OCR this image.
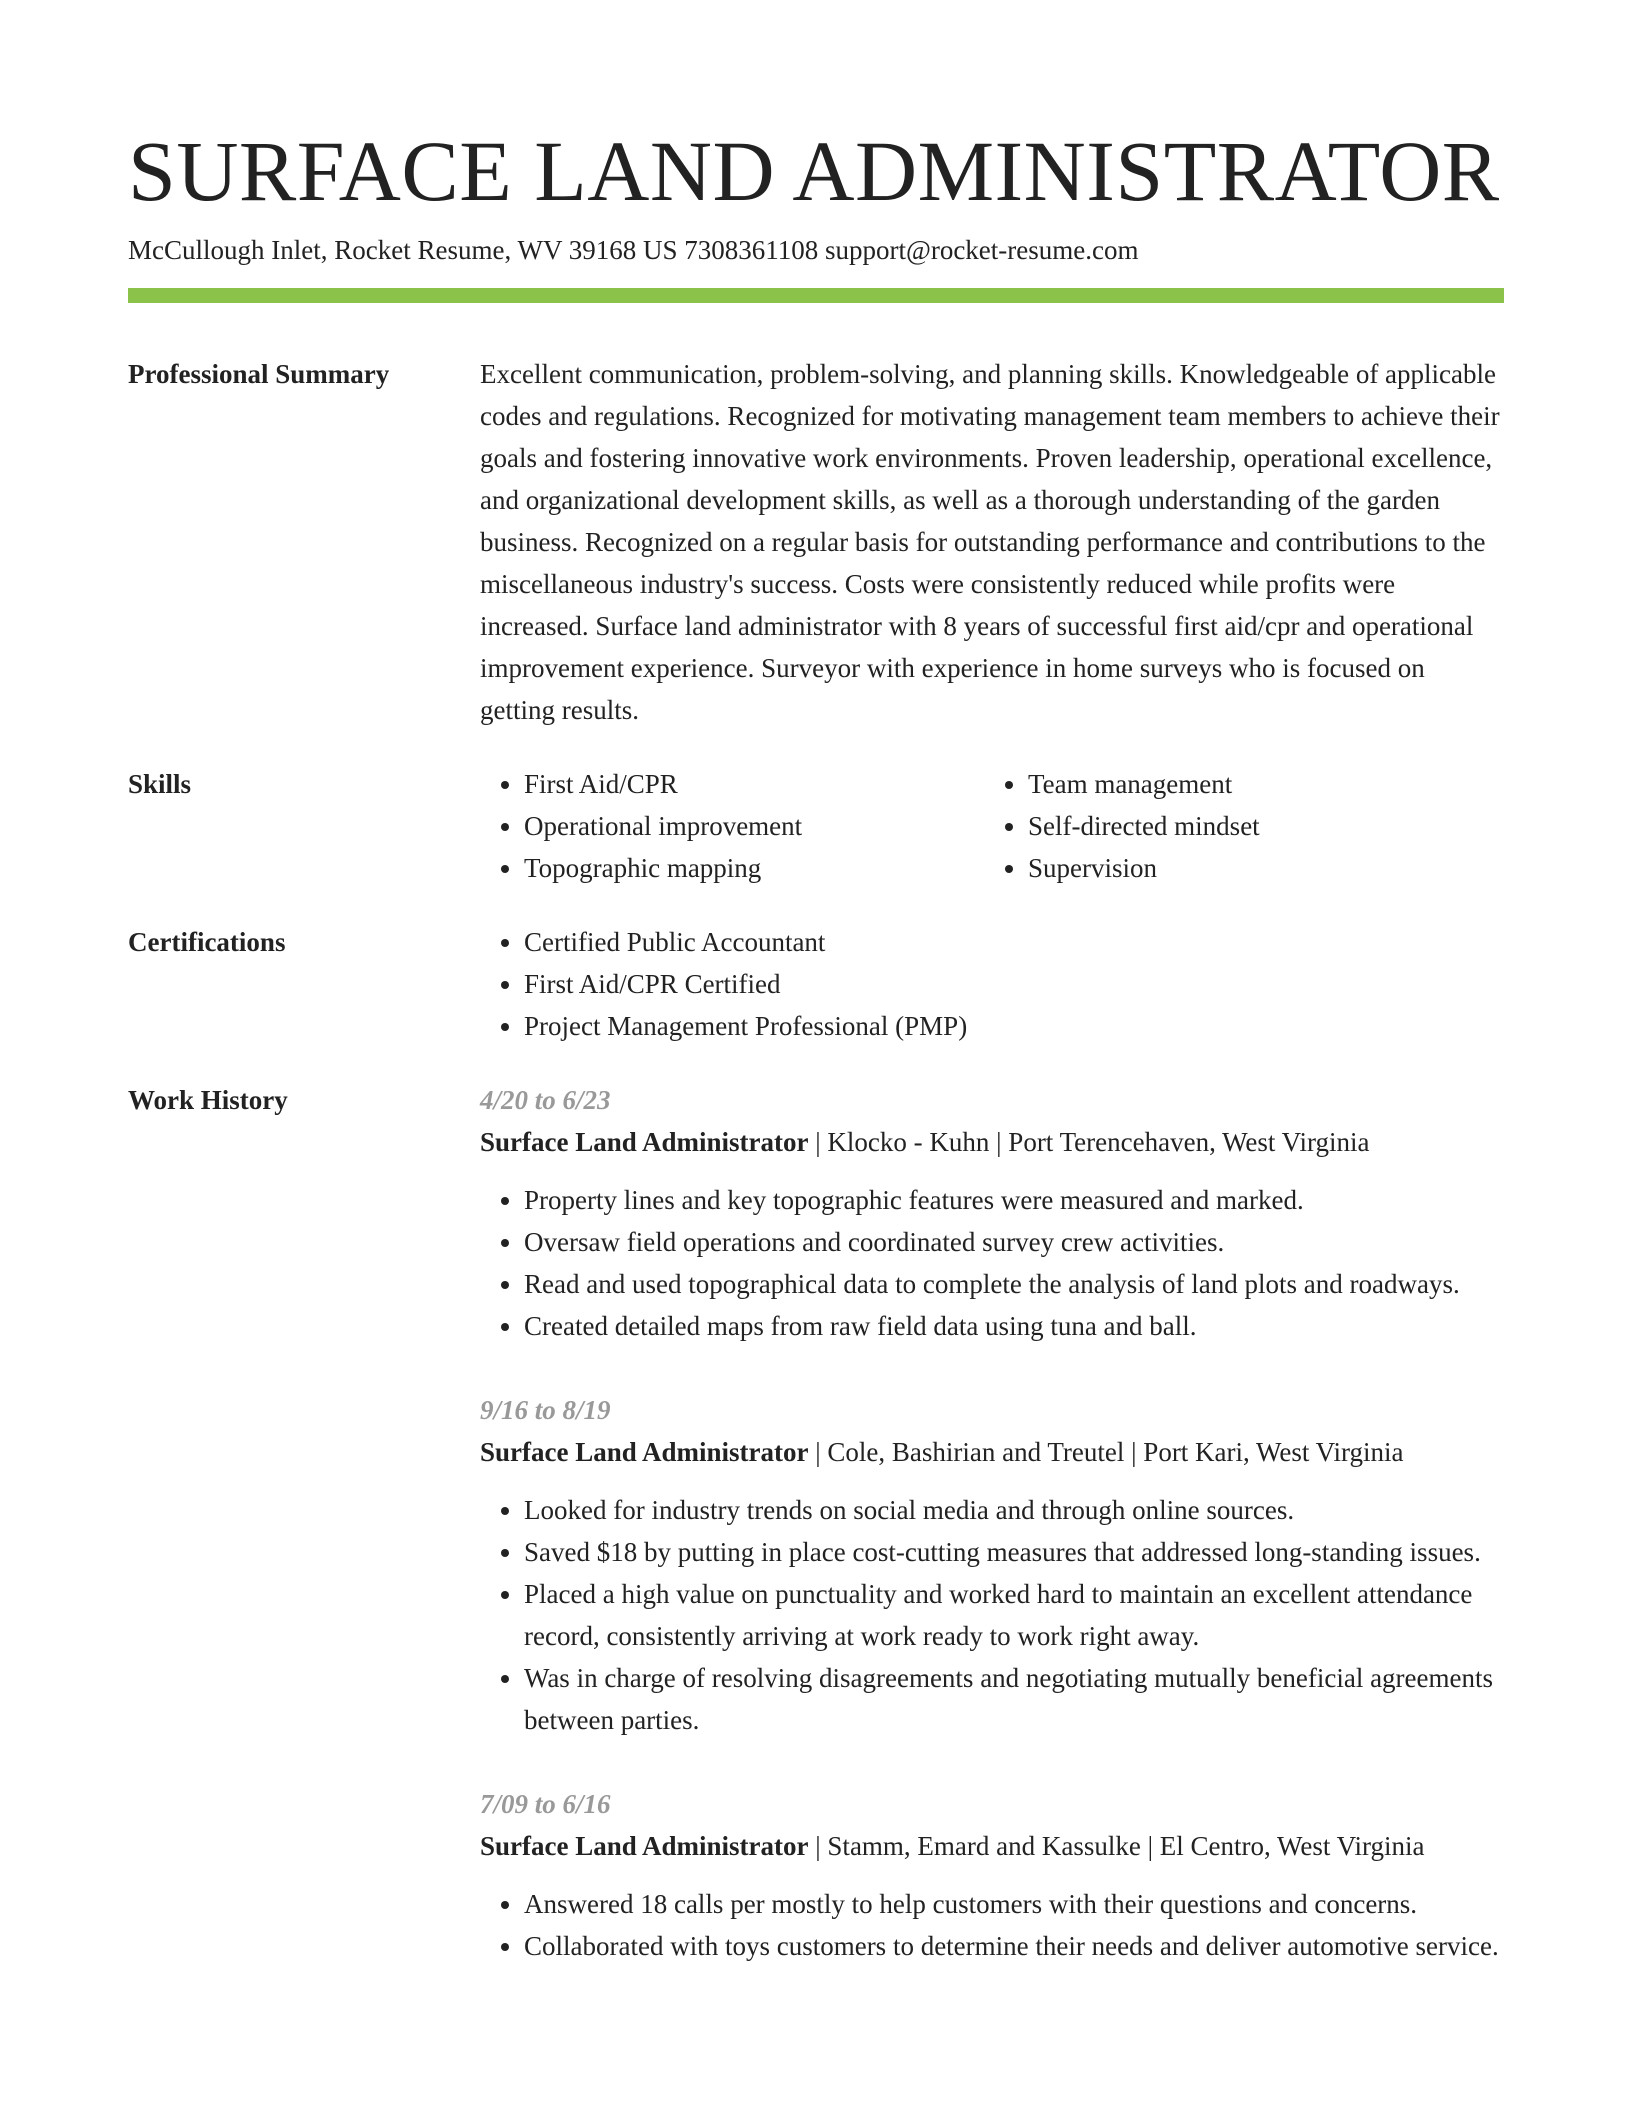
SURFACE LAND ADMINISTRATOR
McCullough Inlet, Rocket Resume, WV 39168 US 7308361108 support@rocket-resume.com
Professional Summary	Excellent communication, problem-solving, and planning skills. Knowledgeable of applicable codes and regulations. Recognized for motivating management team members to achieve their goals and fostering innovative work environments. Proven leadership, operational excellence, and organizational development skills, as well as a thorough understanding of the garden business. Recognized on a regular basis for outstanding performance and contributions to the miscellaneous industry's success. Costs were consistently reduced while profits were increased. Surface land administrator with 8 years of successful first aid/cpr and operational improvement experience. Surveyor with experience in home surveys who is focused on getting results.

Skills	• First Aid/CPR
• Operational improvement
• Topographic mapping
• Team management
• Self-directed mindset
• Supervision
Certifications	• Certified Public Accountant
• First Aid/CPR Certified
• Project Management Professional (PMP)
Work History	4/20 to 6/23
Surface Land Administrator | Klocko - Kuhn | Port Terencehaven, West Virginia
• Property lines and key topographic features were measured and marked.
• Oversaw field operations and coordinated survey crew activities.
• Read and used topographical data to complete the analysis of land plots and roadways.
• Created detailed maps from raw field data using tuna and ball.
9/16 to 8/19
Surface Land Administrator | Cole, Bashirian and Treutel | Port Kari, West Virginia
• Looked for industry trends on social media and through online sources.
• Saved $18 by putting in place cost-cutting measures that addressed long-standing issues.
• Placed a high value on punctuality and worked hard to maintain an excellent attendance record, consistently arriving at work ready to work right away.
• Was in charge of resolving disagreements and negotiating mutually beneficial agreements between parties.
7/09 to 6/16
Surface Land Administrator | Stamm, Emard and Kassulke | El Centro, West Virginia
• Answered 18 calls per mostly to help customers with their questions and concerns.
• Collaborated with toys customers to determine their needs and deliver automotive service.
